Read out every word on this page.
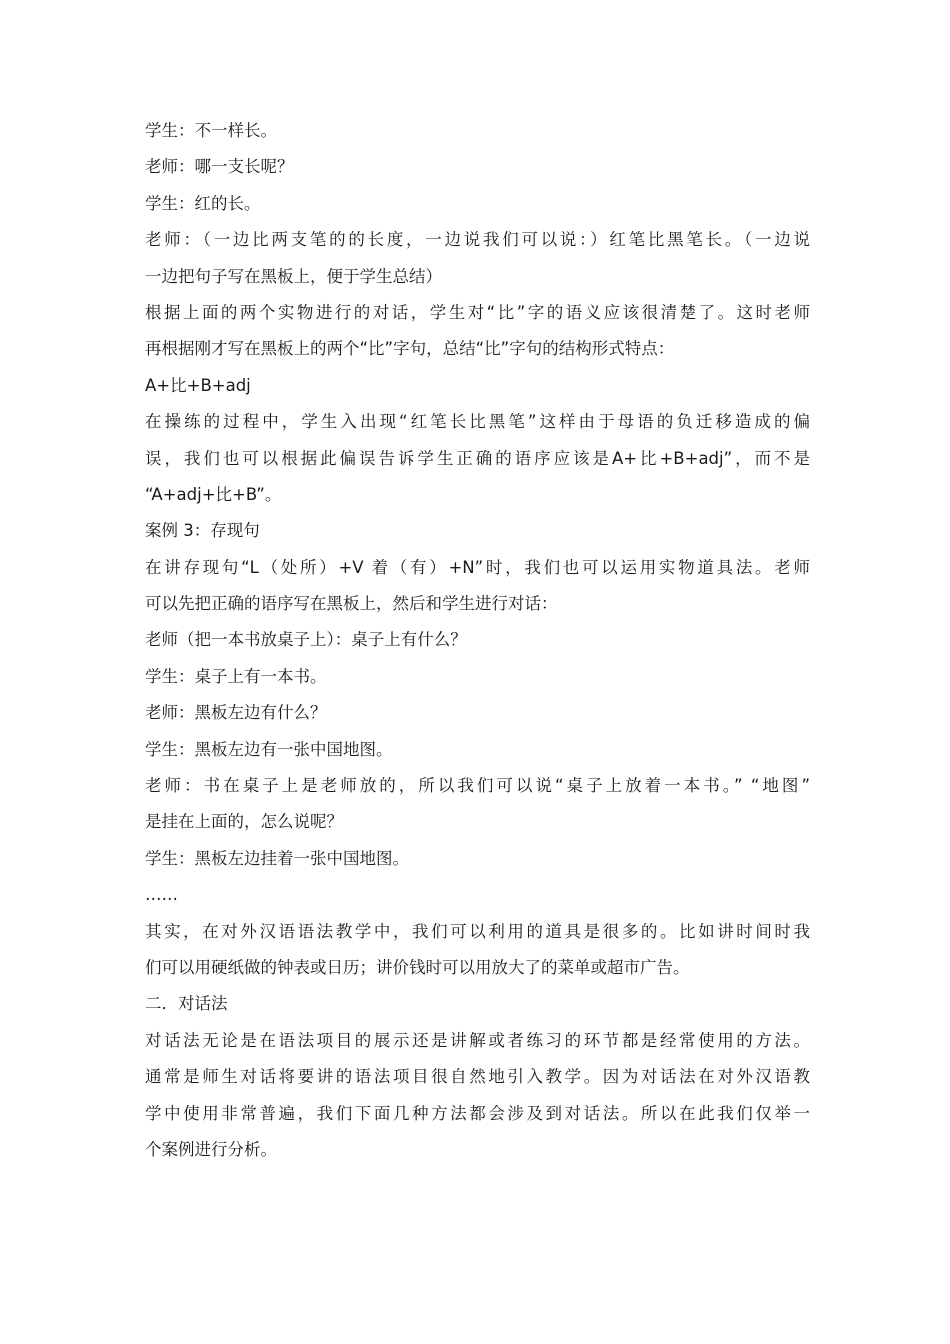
学生：不一样长。
老师：哪一支长呢？
学生：红的长。
老师：（一边比两支笔的的长度，一边说我们可以说：）红笔比黑笔长。（一边说
一边把句子写在黑板上，便于学生总结）
根据上面的两个实物进行的对话，学生对“比”字的语义应该很清楚了。这时老师
再根据刚才写在黑板上的两个“比”字句，总结“比”字句的结构形式特点：
A+比+B+adj
在操练的过程中，学生入出现“红笔长比黑笔”这样由于母语的负迁移造成的偏
误，我们也可以根据此偏误告诉学生正确的语序应该是A+比+B+adj”，而不是
“A+adj+比+B”。
案例 3：存现句
在讲存现句“L（处所）+V 着（有）+N”时，我们也可以运用实物道具法。老师
可以先把正确的语序写在黑板上，然后和学生进行对话：
老师（把一本书放桌子上）：桌子上有什么？
学生：桌子上有一本书。
老师：黑板左边有什么？
学生：黑板左边有一张中国地图。
老师：书在桌子上是老师放的，所以我们可以说“桌子上放着一本书。” “地图”
是挂在上面的，怎么说呢？
学生：黑板左边挂着一张中国地图。
……
其实，在对外汉语语法教学中，我们可以利用的道具是很多的。比如讲时间时我
们可以用硬纸做的钟表或日历；讲价钱时可以用放大了的菜单或超市广告。
二．对话法
对话法无论是在语法项目的展示还是讲解或者练习的环节都是经常使用的方法。
通常是师生对话将要讲的语法项目很自然地引入教学。因为对话法在对外汉语教
学中使用非常普遍，我们下面几种方法都会涉及到对话法。所以在此我们仅举一
个案例进行分析。
